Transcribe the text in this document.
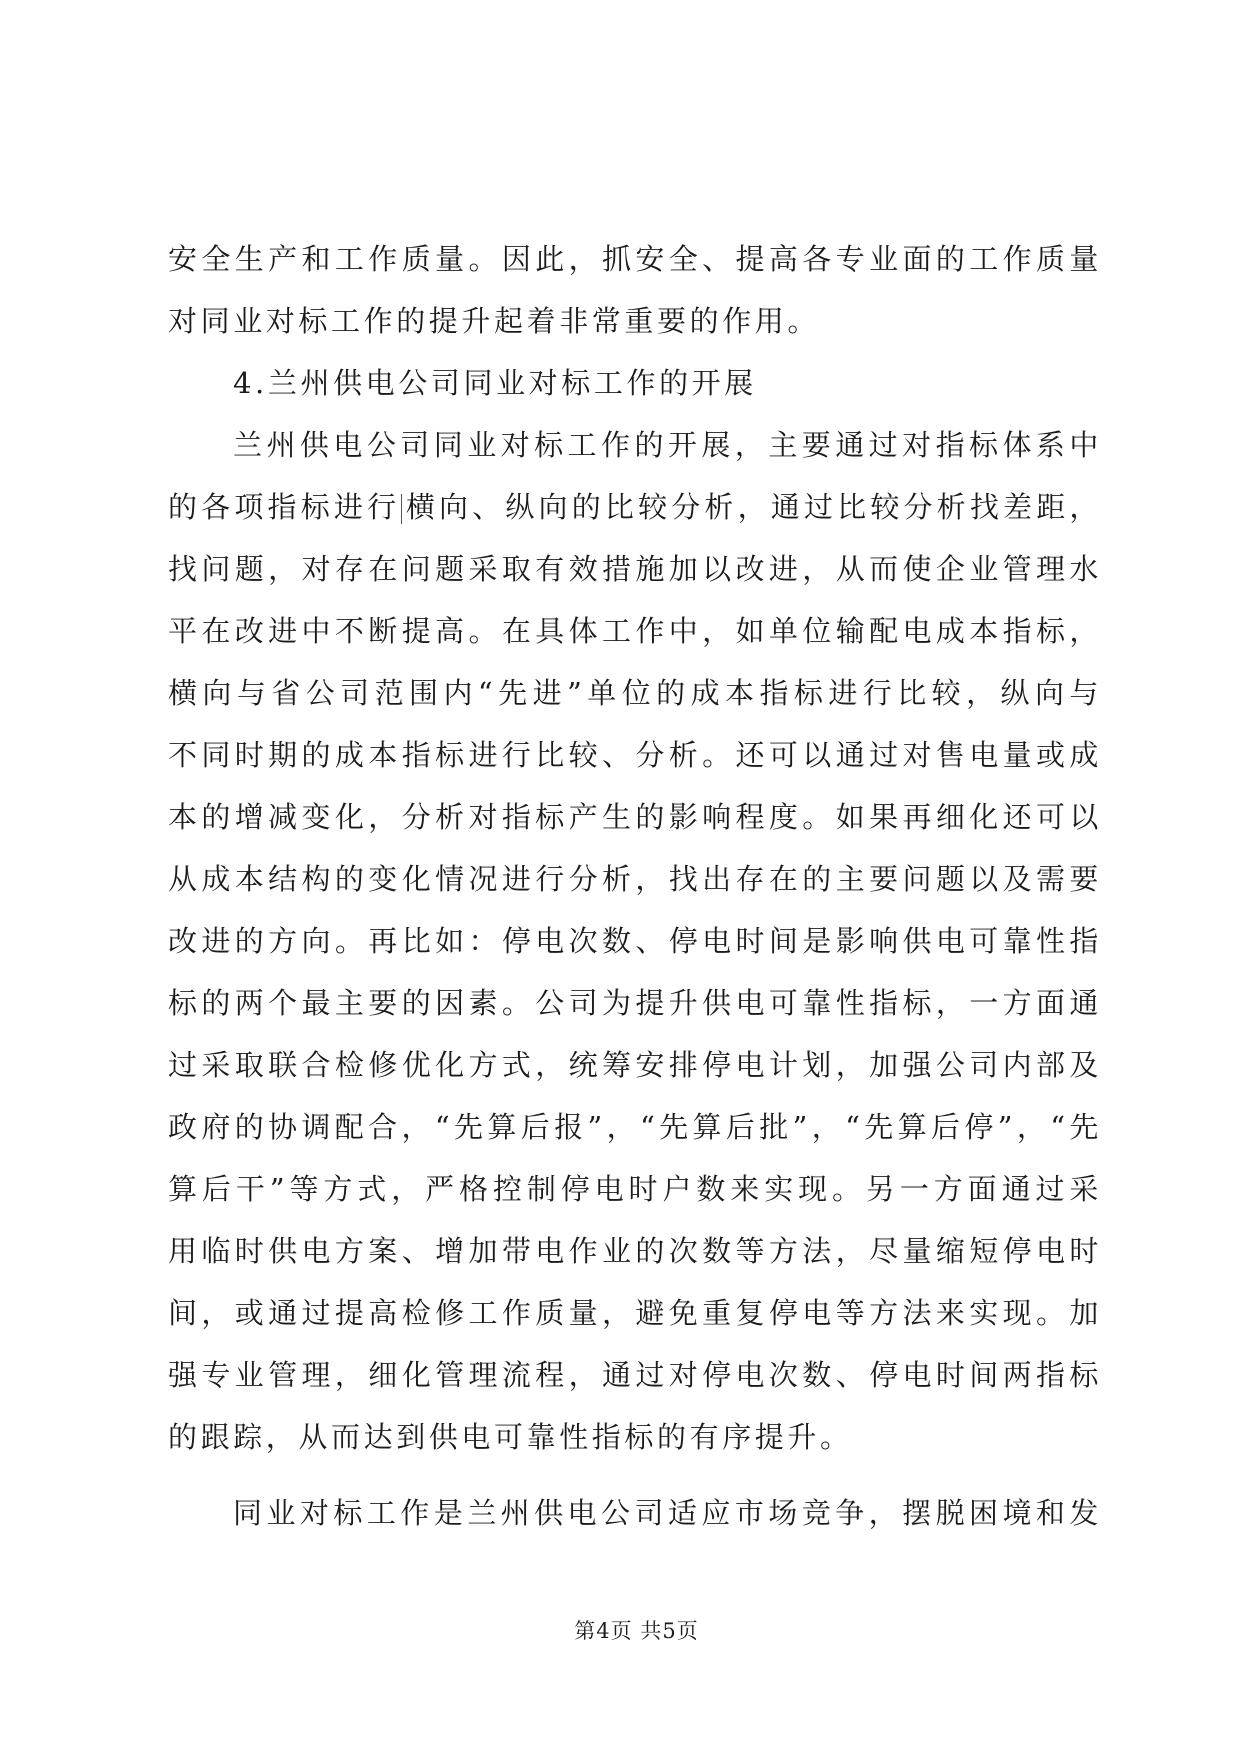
安全生产和工作质量。因此，抓安全、提高各专业面的工作质量
对同业对标工作的提升起着非常重要的作用。
4.兰州供电公司同业对标工作的开展
兰州供电公司同业对标工作的开展，主要通过对指标体系中
的各项指标进行 横向、纵向的比较分析，通过比较分析找差距，
找问题，对存在问题采取有效措施加以改进，从而使企业管理水
平在改进中不断提高。在具体工作中，如单位输配电成本指标，
横向与省公司范围内“先进”单位的成本指标进行比较，纵向与
不同时期的成本指标进行比较、分析。还可以通过对售电量或成
本的增减变化，分析对指标产生的影响程度。如果再细化还可以
从成本结构的变化情况进行分析，找出存在的主要问题以及需要
改进的方向。再比如：停电次数、停电时间是影响供电可靠性指
标的两个最主要的因素。公司为提升供电可靠性指标，一方面通
过采取联合检修优化方式，统筹安排停电计划，加强公司内部及
政府的协调配合，“先算后报”，“先算后批”，“先算后停”，“先
算后干”等方式，严格控制停电时户数来实现。另一方面通过采
用临时供电方案、增加带电作业的次数等方法，尽量缩短停电时
间，或通过提高检修工作质量，避免重复停电等方法来实现。加
强专业管理，细化管理流程，通过对停电次数、停电时间两指标
的跟踪，从而达到供电可靠性指标的有序提升。
同业对标工作是兰州供电公司适应市场竞争，摆脱困境和发
第4页 共5页
